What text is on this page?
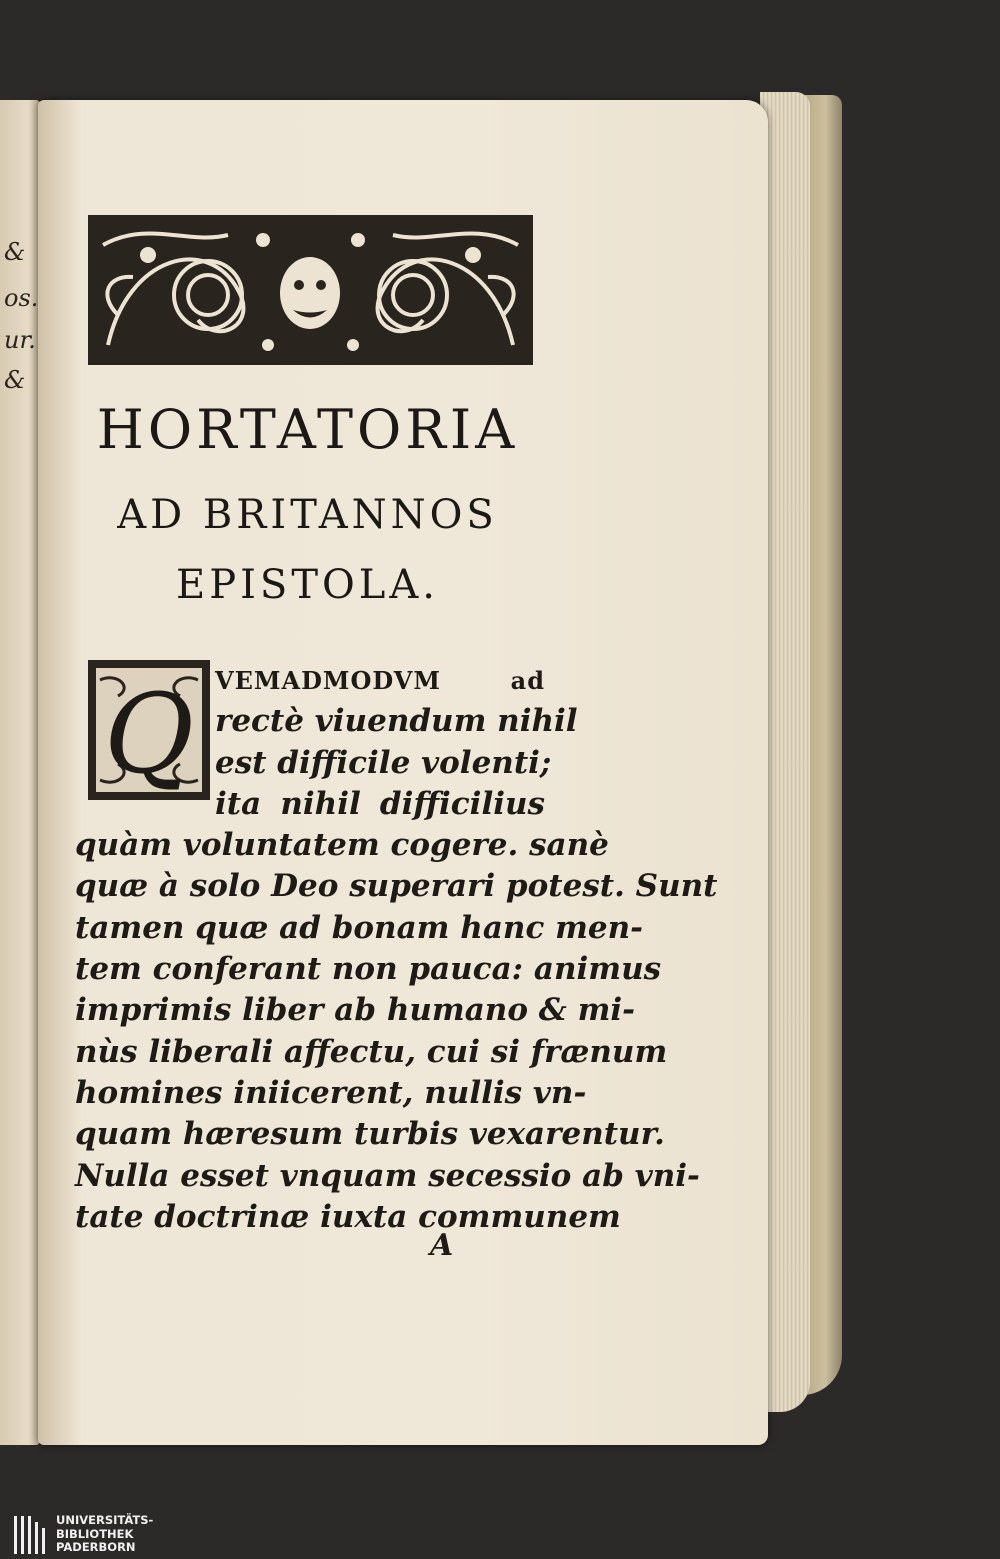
&
os.
ur.
&
HORTATORIA
AD BRITANNOS
EPISTOLA.
Q VEMADMODVM ad
rectè viuendum nihil
est difficile volenti;
ita nihil difficilius
quàm voluntatem cogere. sanè
quæ à solo Deo superari potest. Sunt
tamen quæ ad bonam hanc men-
tem conferant non pauca: animus
imprimis liber ab humano & mi-
nùs liberali affectu, cui si frænum
homines iniicerent, nullis vn-
quam hæresum turbis vexarentur.
Nulla esset vnquam secessio ab vni-
tate doctrinæ iuxta communem
A
UNIVERSITÄTS-
BIBLIOTHEK
PADERBORN
